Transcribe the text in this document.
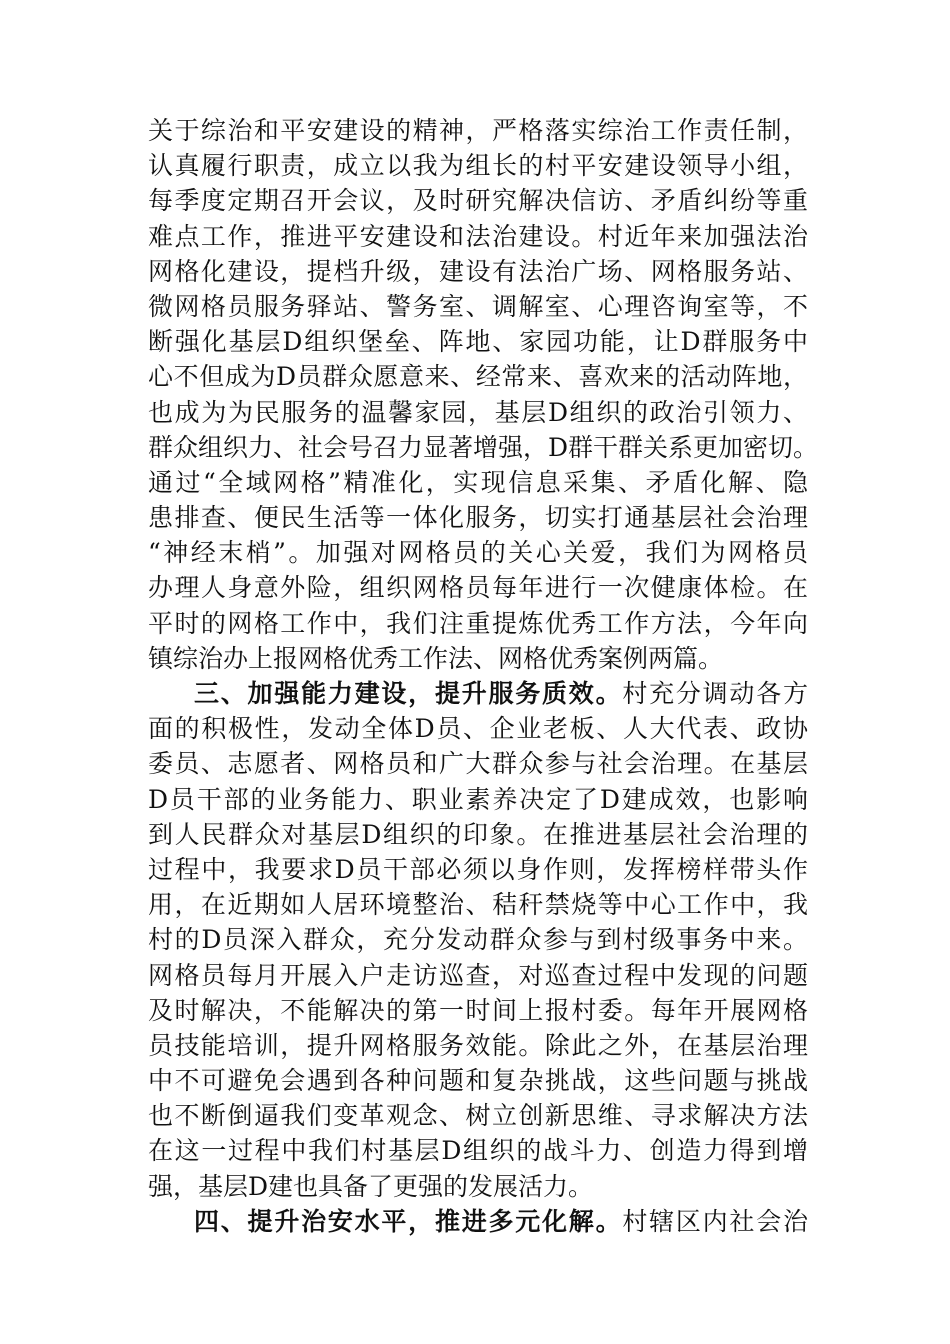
关于综治和平安建设的精神，严格落实综治工作责任制，
认真履行职责，成立以我为组长的村平安建设领导小组，
每季度定期召开会议，及时研究解决信访、矛盾纠纷等重
难点工作，推进平安建设和法治建设。村近年来加强法治
网格化建设，提档升级，建设有法治广场、网格服务站、
微网格员服务驿站、警务室、调解室、心理咨询室等，不
断强化基层D组织堡垒、阵地、家园功能，让D群服务中
心不但成为D员群众愿意来、经常来、喜欢来的活动阵地，
也成为为民服务的温馨家园，基层D组织的政治引领力、
群众组织力、社会号召力显著增强，D群干群关系更加密切。
通过“全域网格”精准化，实现信息采集、矛盾化解、隐
患排查、便民生活等一体化服务，切实打通基层社会治理
“神经末梢”。加强对网格员的关心关爱，我们为网格员
办理人身意外险，组织网格员每年进行一次健康体检。在
平时的网格工作中，我们注重提炼优秀工作方法，今年向
镇综治办上报网格优秀工作法、网格优秀案例两篇。
三、加强能力建设，提升服务质效。村充分调动各方
面的积极性，发动全体D员、企业老板、人大代表、政协
委员、志愿者、网格员和广大群众参与社会治理。在基层
D员干部的业务能力、职业素养决定了D建成效，也影响
到人民群众对基层D组织的印象。在推进基层社会治理的
过程中，我要求D员干部必须以身作则，发挥榜样带头作
用，在近期如人居环境整治、秸秆禁烧等中心工作中，我
村的D员深入群众，充分发动群众参与到村级事务中来。
网格员每月开展入户走访巡查，对巡查过程中发现的问题
及时解决，不能解决的第一时间上报村委。每年开展网格
员技能培训，提升网格服务效能。除此之外，在基层治理
中不可避免会遇到各种问题和复杂挑战，这些问题与挑战
也不断倒逼我们变革观念、树立创新思维、寻求解决方法
在这一过程中我们村基层D组织的战斗力、创造力得到增
强，基层D建也具备了更强的发展活力。
四、提升治安水平，推进多元化解。村辖区内社会治
